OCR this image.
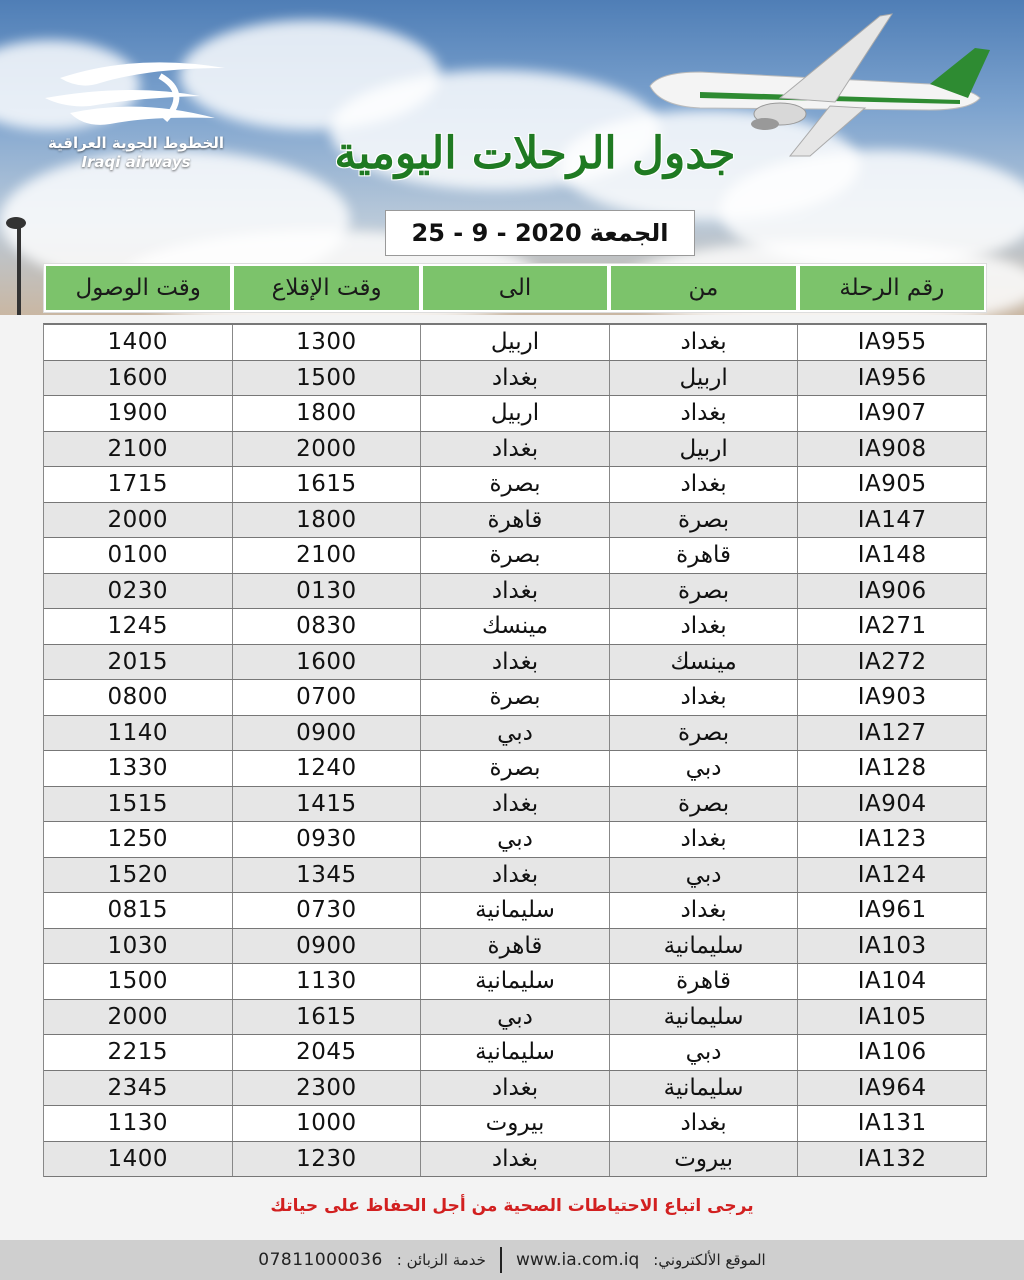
الخطوط الجوية العراقية
Iraqi airways	جدول الرحلات اليومية
25 - 9 - 2020 الجمعة
وقت الوصول	وقت الإقلاع	الى	من	رقم الرحلة
1400	1300	اربيل	بغداد	IA955
1600	1500	بغداد	اربيل	IA956
1900	1800	اربيل	بغداد	IA907
2100	2000	بغداد	اربيل	IA908
1715	1615	بصرة	بغداد	IA905
2000	1800	قاهرة	بصرة	IA147
0100	2100	بصرة	قاهرة	IA148
0230	0130	بغداد	بصرة	IA906
1245	0830	مينسك	بغداد	IA271
2015	1600	بغداد	مينسك	IA272
0800	0700	بصرة	بغداد	IA903
1140	0900	دبي	بصرة	IA127
1330	1240	بصرة	دبي	IA128
1515	1415	بغداد	بصرة	IA904
1250	0930	دبي	بغداد	IA123
1520	1345	بغداد	دبي	IA124
0815	0730	سليمانية	بغداد	IA961
1030	0900	قاهرة	سليمانية	IA103
1500	1130	سليمانية	قاهرة	IA104
2000	1615	دبي	سليمانية	IA105
2215	2045	سليمانية	دبي	IA106
2345	2300	بغداد	سليمانية	IA964
1130	1000	بيروت	بغداد	IA131
1400	1230	بغداد	بيروت	IA132
يرجى اتباع الاحتياطات الصحية من أجل الحفاظ على حياتك
07811000036 خدمة الزبائن : www.ia.com.iq الموقع الألكتروني:
